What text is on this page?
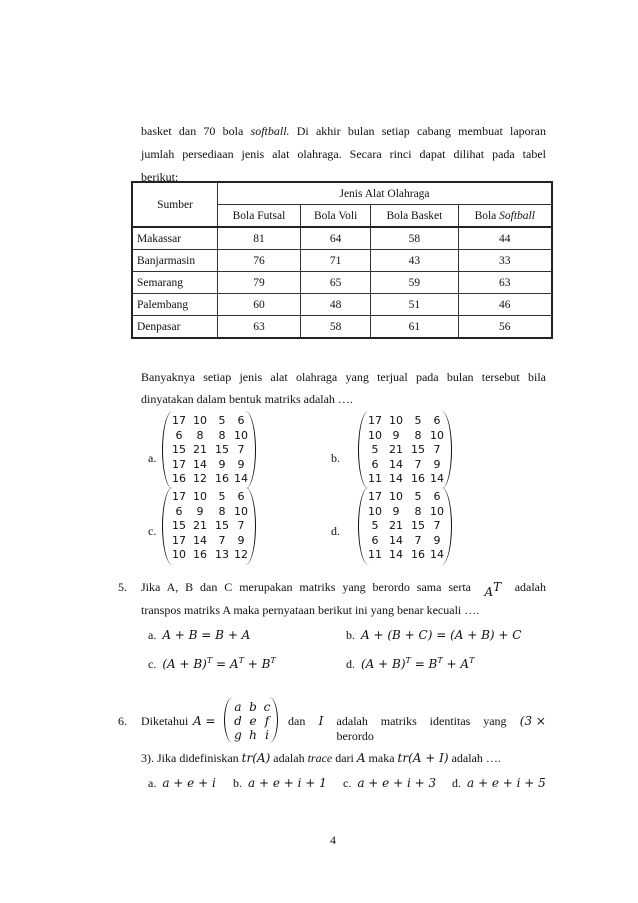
basket dan 70 bola softball. Di akhir bulan setiap cabang membuat laporan
jumlah persediaan jenis alat olahraga. Secara rinci dapat dilihat pada tabel
berikut:
Sumber	Jenis Alat Olahraga			
	Bola Futsal	Bola Voli	Bola Basket	Bola Softball
Makassar	81	64	58	44
Banjarmasin	76	71	43	33
Semarang	79	65	59	63
Palembang	60	48	51	46
Denpasar	63	58	61	56
Banyaknya setiap jenis alat olahraga yang terjual pada bulan tersebut bila
dinyatakan dalam bentuk matriks adalah ….
a.
17 10	5	6
6	8	8 10
15 21 15 7
17 14	9	9
16 12 16 14
b.
17 10	5	6
10 9	8 10
5 21 15 7
6 14	7	9
11 14 16 14
c.
17 10	5	6
6	9	8 10
15 21 15 7
17 14	7	9
10 16 13 12
d.
17 10	5	6
10 9	8 10
5 21 15 7
6 14	7	9
11 14 16 14
5. Jika A, B dan C merupakan matriks yang berordo sama serta $A^T$ adalah
transpos matriks A maka pernyataan berikut ini yang benar kecuali ….
a. A + B = B + A	b. A + (B + C) = (A + B) + C
c. $(A + B)^T = A^T + B^T$	d. $(A + B)^T = B^T + A^T$
6. Diketahui A =
a b c
d e f
g h i
dan I adalah matriks identitas yang berordo
(3 ×
3). Jika didefiniskan tr(A) adalah trace dari A maka tr(A + I) adalah ….
a. a + e + i b. a + e + i + 1 c. a + e + i + 3 d. a + e + i + 5
4
